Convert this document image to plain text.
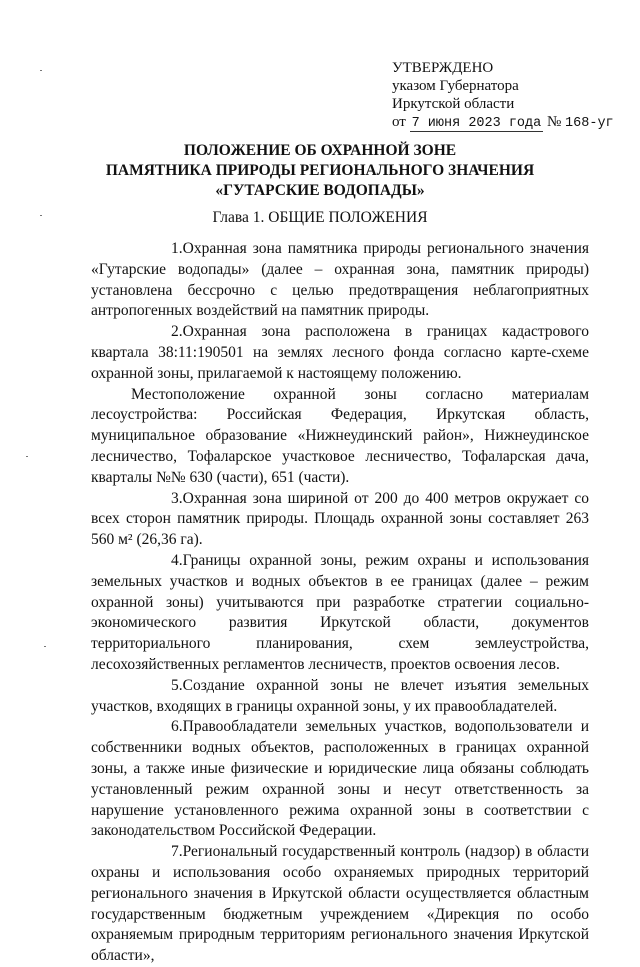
УТВЕРЖДЕНО
указом Губернатора
Иркутской области
от 7 июня 2023 года № 168-уг
ПОЛОЖЕНИЕ ОБ ОХРАННОЙ ЗОНЕ
ПАМЯТНИКА ПРИРОДЫ РЕГИОНАЛЬНОГО ЗНАЧЕНИЯ
«ГУТАРСКИЕ ВОДОПАДЫ»
Глава 1. ОБЩИЕ ПОЛОЖЕНИЯ

1.Охранная зона памятника природы регионального значения «Гутарские водопады» (далее – охранная зона, памятник природы) установлена бессрочно с целью предотвращения неблагоприятных антропогенных воздействий на памятник природы.

2.Охранная зона расположена в границах кадастрового квартала 38:11:190501 на землях лесного фонда согласно карте-схеме охранной зоны, прилагаемой к настоящему положению.

Местоположение охранной зоны согласно материалам лесоустройства: Российская Федерация, Иркутская область, муниципальное образование «Нижнеудинский район», Нижнеудинское лесничество, Тофаларское участковое лесничество, Тофаларская дача, кварталы №№ 630 (части), 651 (части).

3.Охранная зона шириной от 200 до 400 метров окружает со всех сторон памятник природы. Площадь охранной зоны составляет 263 560 м² (26,36 га).

4.Границы охранной зоны, режим охраны и использования земельных участков и водных объектов в ее границах (далее – режим охранной зоны) учитываются при разработке стратегии социально-экономического развития Иркутской области, документов территориального планирования, схем землеустройства, лесохозяйственных регламентов лесничеств, проектов освоения лесов.

5.Создание охранной зоны не влечет изъятия земельных участков, входящих в границы охранной зоны, у их правообладателей.

6.Правообладатели земельных участков, водопользователи и собственники водных объектов, расположенных в границах охранной зоны, а также иные физические и юридические лица обязаны соблюдать установленный режим охранной зоны и несут ответственность за нарушение установленного режима охранной зоны в соответствии с законодательством Российской Федерации.

7.Региональный государственный контроль (надзор) в области охраны и использования особо охраняемых природных территорий регионального значения в Иркутской области осуществляется областным государственным бюджетным учреждением «Дирекция по особо охраняемым природным территориям регионального значения Иркутской области»,
